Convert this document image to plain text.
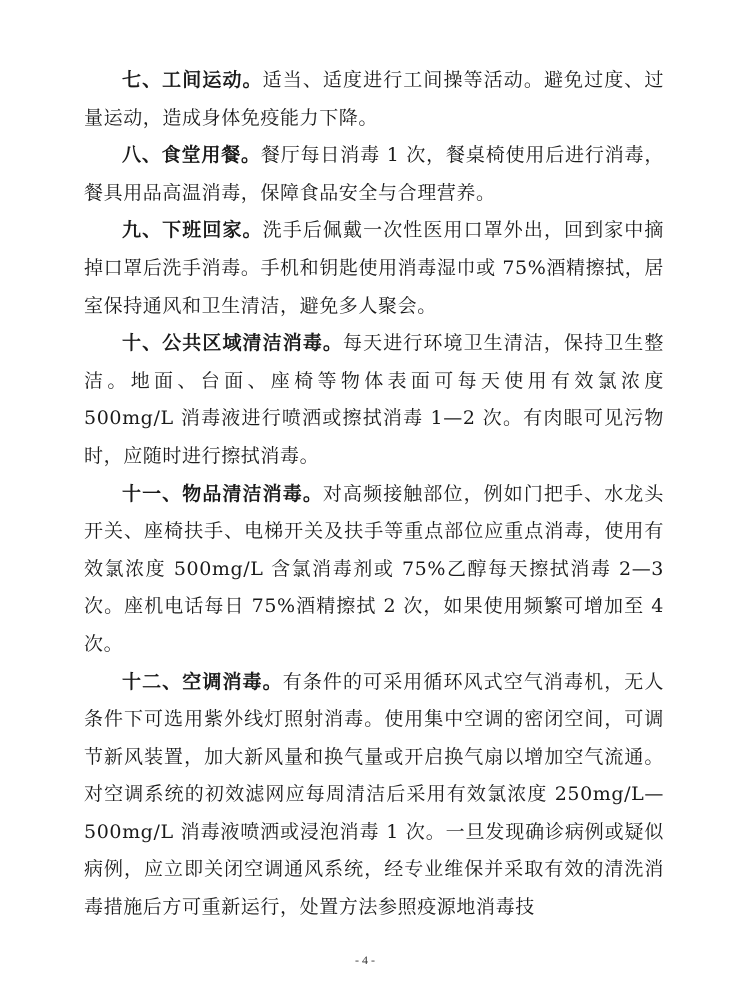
七、工间运动。适当、适度进行工间操等活动。避免过度、过量运动，造成身体免疫能力下降。

八、食堂用餐。餐厅每日消毒 1 次，餐桌椅使用后进行消毒，餐具用品高温消毒，保障食品安全与合理营养。

九、下班回家。洗手后佩戴一次性医用口罩外出，回到家中摘掉口罩后洗手消毒。手机和钥匙使用消毒湿巾或 75%酒精擦拭，居室保持通风和卫生清洁，避免多人聚会。

十、公共区域清洁消毒。每天进行环境卫生清洁，保持卫生整洁。地面、台面、座椅等物体表面可每天使用有效氯浓度 500mg/L 消毒液进行喷洒或擦拭消毒 1—2 次。有肉眼可见污物时，应随时进行擦拭消毒。

十一、物品清洁消毒。对高频接触部位，例如门把手、水龙头开关、座椅扶手、电梯开关及扶手等重点部位应重点消毒，使用有效氯浓度 500mg/L 含氯消毒剂或 75%乙醇每天擦拭消毒 2—3 次。座机电话每日 75%酒精擦拭 2 次，如果使用频繁可增加至 4 次。

十二、空调消毒。有条件的可采用循环风式空气消毒机，无人条件下可选用紫外线灯照射消毒。使用集中空调的密闭空间，可调节新风装置，加大新风量和换气量或开启换气扇以增加空气流通。对空调系统的初效滤网应每周清洁后采用有效氯浓度 250mg/L—500mg/L 消毒液喷洒或浸泡消毒 1 次。一旦发现确诊病例或疑似病例，应立即关闭空调通风系统，经专业维保并采取有效的清洗消毒措施后方可重新运行，处置方法参照疫源地消毒技

- 4 -
